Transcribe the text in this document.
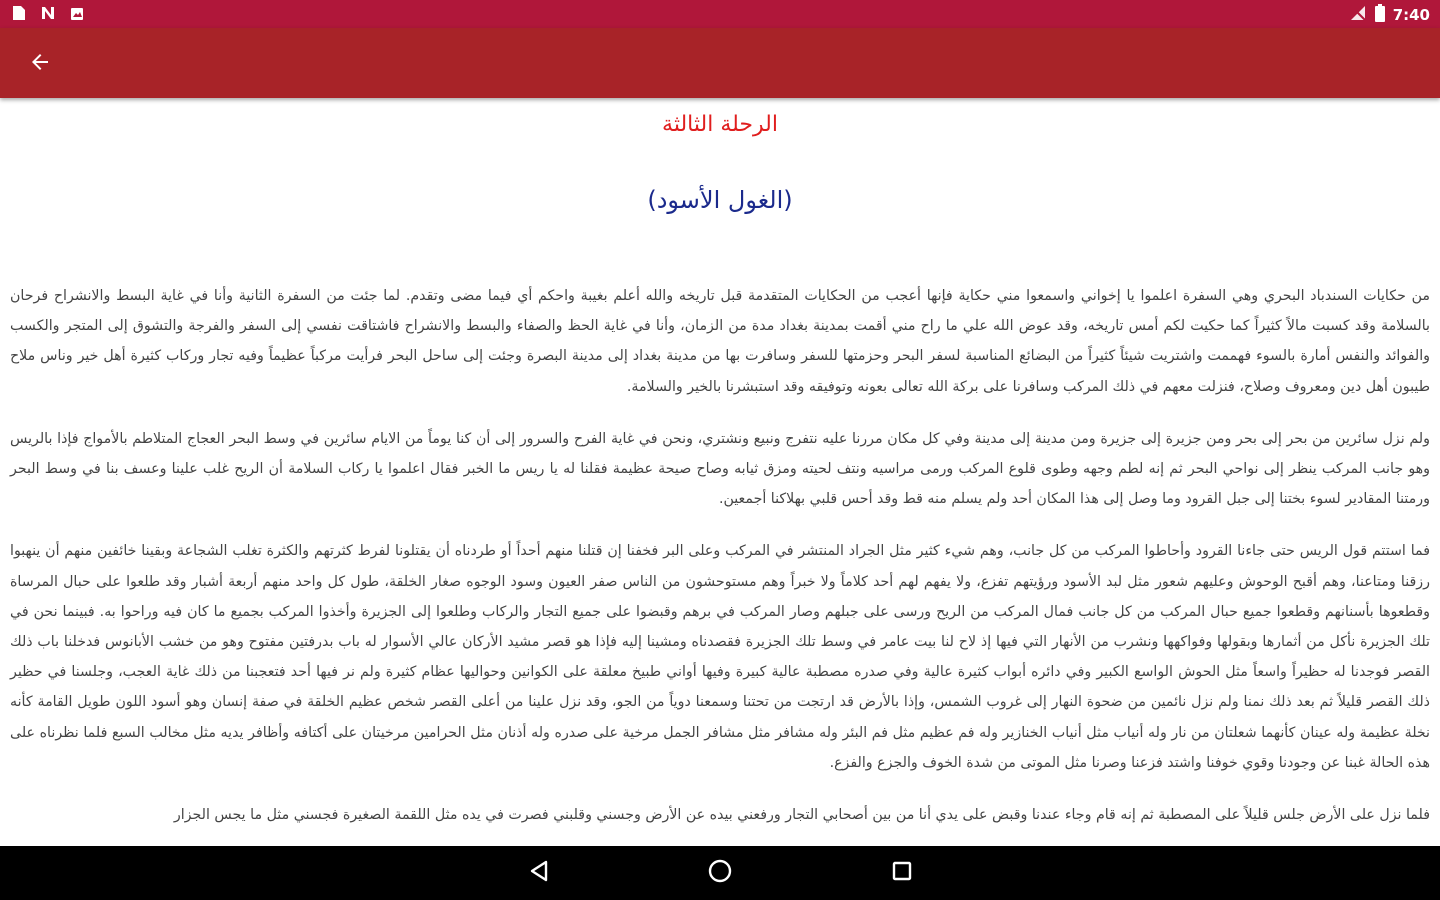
7:40
الرحلة الثالثة
(الغول الأسود)

من حكايات السندباد البحري وهي السفرة اعلموا يا إخواني واسمعوا مني حكاية فإنها أعجب من الحكايات المتقدمة قبل تاريخه والله أعلم بغيبة واحكم أي فيما مضى وتقدم. لما جئت من السفرة الثانية وأنا في غاية البسط والانشراح فرحان بالسلامة وقد كسبت مالاً كثيراً كما حكيت لكم أمس تاريخه، وقد عوض الله علي ما راح مني أقمت بمدينة بغداد مدة من الزمان، وأنا في غاية الحظ والصفاء والبسط والانشراح فاشتاقت نفسي إلى السفر والفرجة والتشوق إلى المتجر والكسب والفوائد والنفس أمارة بالسوء فهممت واشتريت شيئاً كثيراً من البضائع المناسبة لسفر البحر وحزمتها للسفر وسافرت بها من مدينة بغداد إلى مدينة البصرة وجئت إلى ساحل البحر فرأيت مركباً عظيماً وفيه تجار وركاب كثيرة أهل خير وناس ملاح طيبون أهل دين ومعروف وصلاح، فنزلت معهم في ذلك المركب وسافرنا على بركة الله تعالى بعونه وتوفيقه وقد استبشرنا بالخير والسلامة.

ولم نزل سائرين من بحر إلى بحر ومن جزيرة إلى جزيرة ومن مدينة إلى مدينة وفي كل مكان مررنا عليه نتفرج ونبيع ونشتري، ونحن في غاية الفرح والسرور إلى أن كنا يوماً من الايام سائرين في وسط البحر العجاج المتلاطم بالأمواج فإذا بالريس وهو جانب المركب ينظر إلى نواحي البحر ثم إنه لطم وجهه وطوى قلوع المركب ورمى مراسيه ونتف لحيته ومزق ثيابه وصاح صيحة عظيمة فقلنا له يا ريس ما الخبر فقال اعلموا يا ركاب السلامة أن الريح غلب علينا وعسف بنا في وسط البحر ورمتنا المقادير لسوء بختنا إلى جبل القرود وما وصل إلى هذا المكان أحد ولم يسلم منه قط وقد أحس قلبي بهلاكنا أجمعين.

فما استتم قول الريس حتى جاءنا القرود وأحاطوا المركب من كل جانب، وهم شيء كثير مثل الجراد المنتشر في المركب وعلى البر فخفنا إن قتلنا منهم أحداً أو طردناه أن يقتلونا لفرط كثرتهم والكثرة تغلب الشجاعة وبقينا خائفين منهم أن ينهبوا رزقنا ومتاعنا، وهم أقبح الوحوش وعليهم شعور مثل لبد الأسود ورؤيتهم تفزع، ولا يفهم لهم أحد كلاماً ولا خبراً وهم مستوحشون من الناس صفر العيون وسود الوجوه صغار الخلقة، طول كل واحد منهم أربعة أشبار وقد طلعوا على حبال المرساة وقطعوها بأسنانهم وقطعوا جميع حبال المركب من كل جانب فمال المركب من الريح ورسى على جبلهم وصار المركب في برهم وقبضوا على جميع التجار والركاب وطلعوا إلى الجزيرة وأخذوا المركب بجميع ما كان فيه وراحوا به. فبينما نحن في تلك الجزيرة نأكل من أثمارها وبقولها وفواكهها ونشرب من الأنهار التي فيها إذ لاح لنا بيت عامر في وسط تلك الجزيرة فقصدناه ومشينا إليه فإذا هو قصر مشيد الأركان عالي الأسوار له باب بدرفتين مفتوح وهو من خشب الأبانوس فدخلنا باب ذلك القصر فوجدنا له حظيراً واسعاً مثل الحوش الواسع الكبير وفي دائره أبواب كثيرة عالية وفي صدره مصطبة عالية كبيرة وفيها أواني طبيخ معلقة على الكوانين وحواليها عظام كثيرة ولم نر فيها أحد فتعجبنا من ذلك غاية العجب، وجلسنا في حظير ذلك القصر قليلاً ثم بعد ذلك نمنا ولم نزل نائمين من ضحوة النهار إلى غروب الشمس، وإذا بالأرض قد ارتجت من تحتنا وسمعنا دوياً من الجو، وقد نزل علينا من أعلى القصر شخص عظيم الخلقة في صفة إنسان وهو أسود اللون طويل القامة كأنه نخلة عظيمة وله عينان كأنهما شعلتان من نار وله أنياب مثل أنياب الخنازير وله فم عظيم مثل فم البئر وله مشافر مثل مشافر الجمل مرخية على صدره وله أذنان مثل الحرامين مرخيتان على أكتافه وأظافر يديه مثل مخالب السبع فلما نظرناه على هذه الحالة غبنا عن وجودنا وقوي خوفنا واشتد فزعنا وصرنا مثل الموتى من شدة الخوف والجزع والفزع.

فلما نزل على الأرض جلس قليلاً على المصطبة ثم إنه قام وجاء عندنا وقبض على يدي أنا من بين أصحابي التجار ورفعني بيده عن الأرض وجسني وقلبني فصرت في يده مثل اللقمة الصغيرة فجسني مثل ما يجس الجزار
